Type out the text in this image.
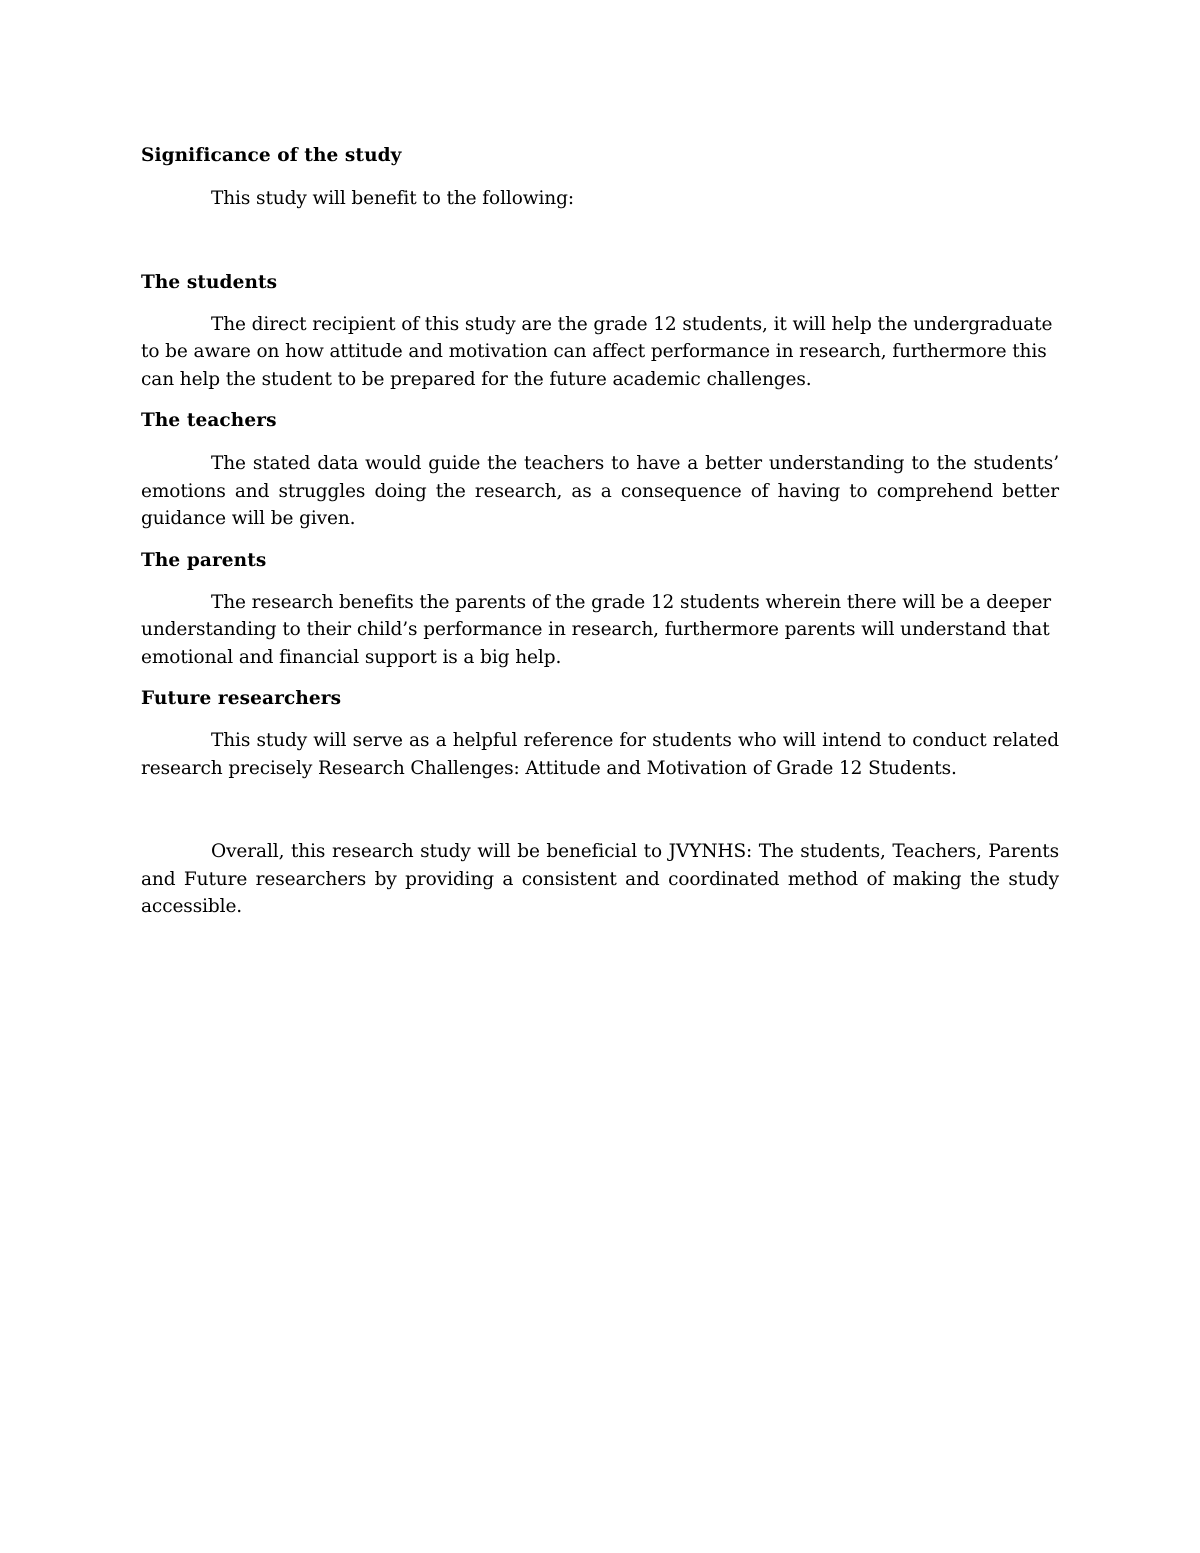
Significance of the study

This study will benefit to the following:

The students

The direct recipient of this study are the grade 12 students, it will help the undergraduate to be aware on how attitude and motivation can affect performance in research, furthermore this can help the student to be prepared for the future academic challenges.

The teachers

The stated data would guide the teachers to have a better understanding to the students’ emotions and struggles doing the research, as a consequence of having to comprehend better guidance will be given.

The parents

The research benefits the parents of the grade 12 students wherein there will be a deeper understanding to their child’s performance in research, furthermore parents will understand that emotional and financial support is a big help.

Future researchers

This study will serve as a helpful reference for students who will intend to conduct related research precisely Research Challenges: Attitude and Motivation of Grade 12 Students.

Overall, this research study will be beneficial to JVYNHS: The students, Teachers, Parents and Future researchers by providing a consistent and coordinated method of making the study accessible.
